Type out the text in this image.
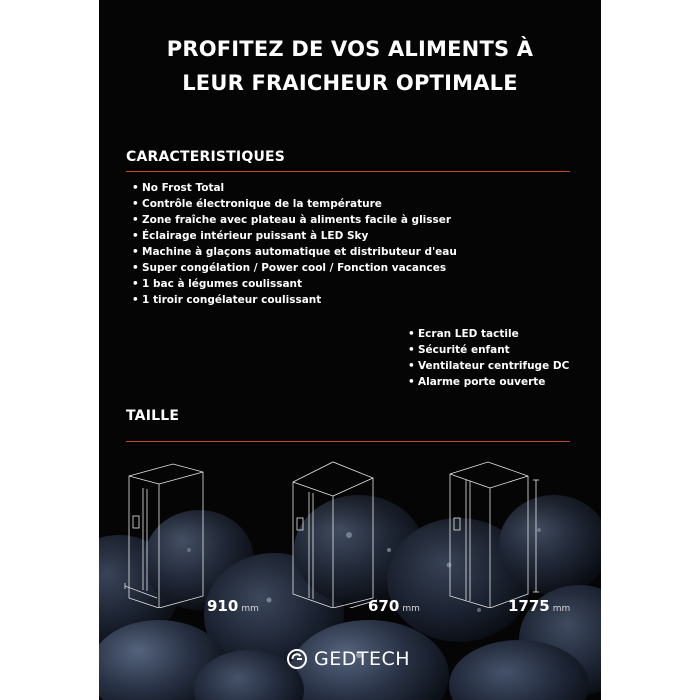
PROFITEZ DE VOS ALIMENTS À
LEUR FRAICHEUR OPTIMALE
CARACTERISTIQUES
• No Frost Total
• Contrôle électronique de la température
• Zone fraîche avec plateau à aliments facile à glisser
• Éclairage intérieur puissant à LED Sky
• Machine à glaçons automatique et distributeur d'eau
• Super congélation / Power cool / Fonction vacances
• 1 bac à légumes coulissant
• 1 tiroir congélateur coulissant
• Ecran LED tactile
• Sécurité enfant
• Ventilateur centrifuge DC
• Alarme porte ouverte
TAILLE
910 mm	670 mm	1775 mm
GEDTECH
